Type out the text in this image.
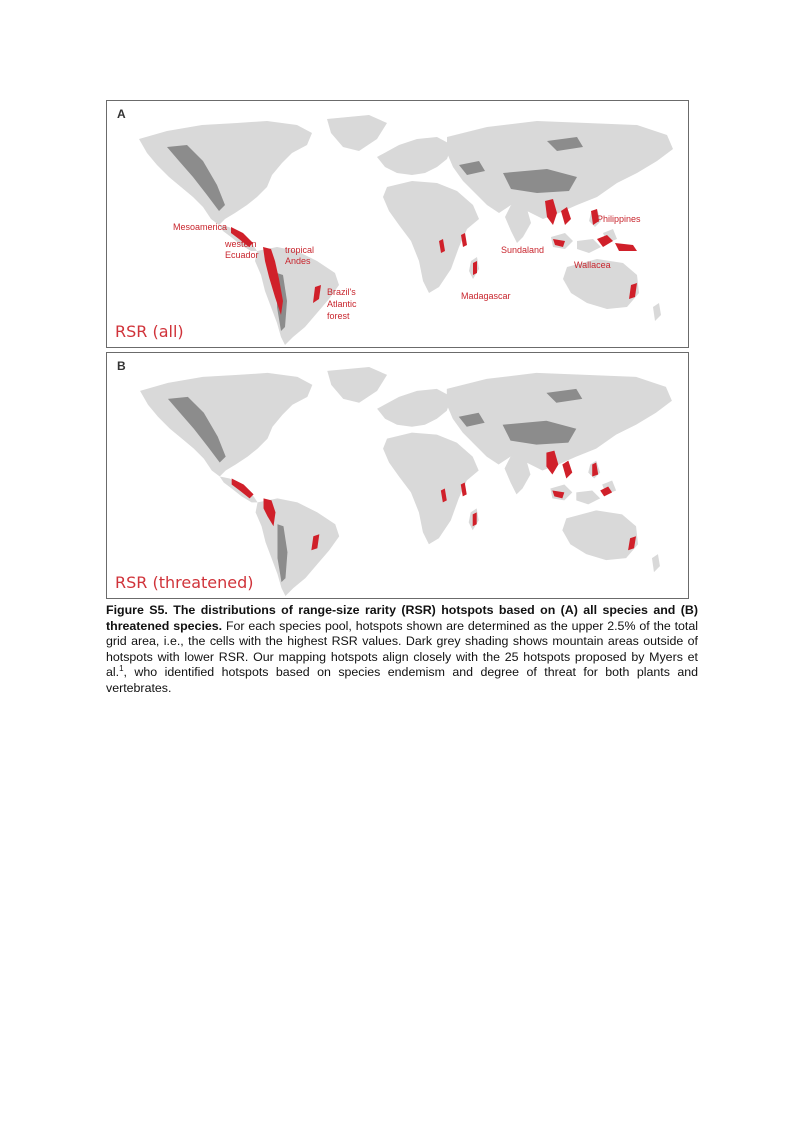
A
Mesoamerica
western
Ecuador	tropical
Andes
Brazil's
Atlantic
forest
Madagascar
Sundaland
Wallacea
Philippines
RSR (all)
B
RSR (threatened)

Figure S5. The distributions of range-size rarity (RSR) hotspots based on (A) all species and (B) threatened species. For each species pool, hotspots shown are determined as the upper 2.5% of the total grid area, i.e., the cells with the highest RSR values. Dark grey shading shows mountain areas outside of hotspots with lower RSR. Our mapping hotspots align closely with the 25 hotspots proposed by Myers et al.$^1$, who identified hotspots based on species endemism and degree of threat for both plants and vertebrates.
